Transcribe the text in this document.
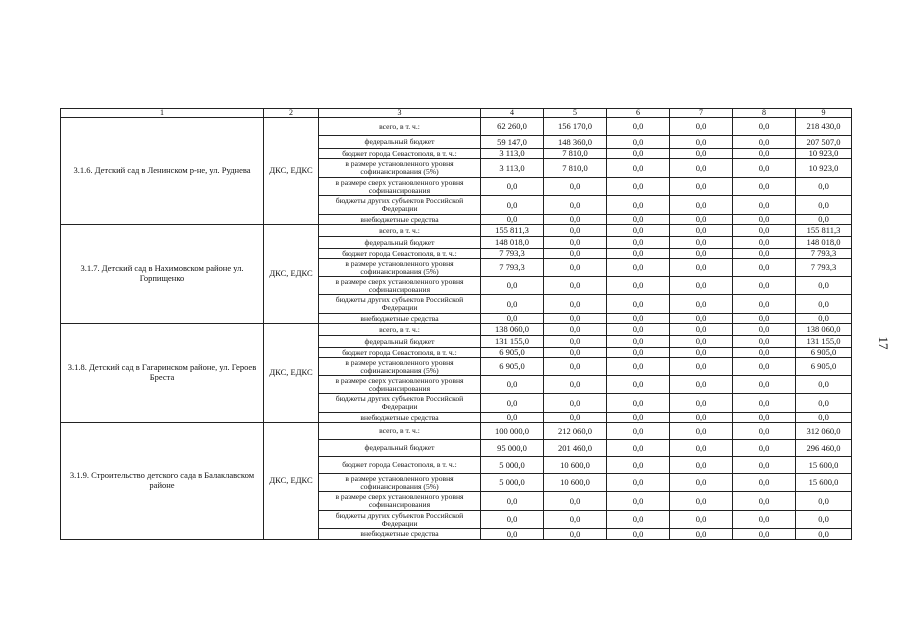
1	2	3	4	5	6	7	8	9
3.1.6. Детский сад в Ленинском р-не, ул. Руднева	ДКС, ЕДКС	всего, в т. ч.:	62 260,0	156 170,0	0,0	0,0	0,0	218 430,0
		федеральный бюджет	59 147,0	148 360,0	0,0	0,0	0,0	207 507,0
		бюджет города Севастополя, в т. ч.:	3 113,0	7 810,0	0,0	0,0	0,0	10 923,0
		в размере установленного уровня софинансирования (5%)	3 113,0	7 810,0	0,0	0,0	0,0	10 923,0
		в размере сверх установленного уровня софинансирования	0,0	0,0	0,0	0,0	0,0	0,0
		бюджеты других субъектов Российской Федерации	0,0	0,0	0,0	0,0	0,0	0,0
		внебюджетные средства	0,0	0,0	0,0	0,0	0,0	0,0
3.1.7. Детский сад в Нахимовском районе ул. Горпищенко	ДКС, ЕДКС	всего, в т. ч.:	155 811,3	0,0	0,0	0,0	0,0	155 811,3
		федеральный бюджет	148 018,0	0,0	0,0	0,0	0,0	148 018,0
		бюджет города Севастополя, в т. ч.:	7 793,3	0,0	0,0	0,0	0,0	7 793,3
		в размере установленного уровня софинансирования (5%)	7 793,3	0,0	0,0	0,0	0,0	7 793,3
		в размере сверх установленного уровня софинансирования	0,0	0,0	0,0	0,0	0,0	0,0
		бюджеты других субъектов Российской Федерации	0,0	0,0	0,0	0,0	0,0	0,0
		внебюджетные средства	0,0	0,0	0,0	0,0	0,0	0,0
3.1.8. Детский сад в Гагаринском районе, ул. Героев Бреста	ДКС, ЕДКС	всего, в т. ч.:	138 060,0	0,0	0,0	0,0	0,0	138 060,0
		федеральный бюджет	131 155,0	0,0	0,0	0,0	0,0	131 155,0
		бюджет города Севастополя, в т. ч.:	6 905,0	0,0	0,0	0,0	0,0	6 905,0
		в размере установленного уровня софинансирования (5%)	6 905,0	0,0	0,0	0,0	0,0	6 905,0
		в размере сверх установленного уровня софинансирования	0,0	0,0	0,0	0,0	0,0	0,0
		бюджеты других субъектов Российской Федерации	0,0	0,0	0,0	0,0	0,0	0,0
		внебюджетные средства	0,0	0,0	0,0	0,0	0,0	0,0
3.1.9. Строительство детского сада в Балаклавском районе	ДКС, ЕДКС	всего, в т. ч.:	100 000,0	212 060,0	0,0	0,0	0,0	312 060,0
		федеральный бюджет	95 000,0	201 460,0	0,0	0,0	0,0	296 460,0
		бюджет города Севастополя, в т. ч.:	5 000,0	10 600,0	0,0	0,0	0,0	15 600,0
		в размере установленного уровня софинансирования (5%)	5 000,0	10 600,0	0,0	0,0	0,0	15 600,0
		в размере сверх установленного уровня софинансирования	0,0	0,0	0,0	0,0	0,0	0,0
		бюджеты других субъектов Российской Федерации	0,0	0,0	0,0	0,0	0,0	0,0
		внебюджетные средства	0,0	0,0	0,0	0,0	0,0	0,0
17
